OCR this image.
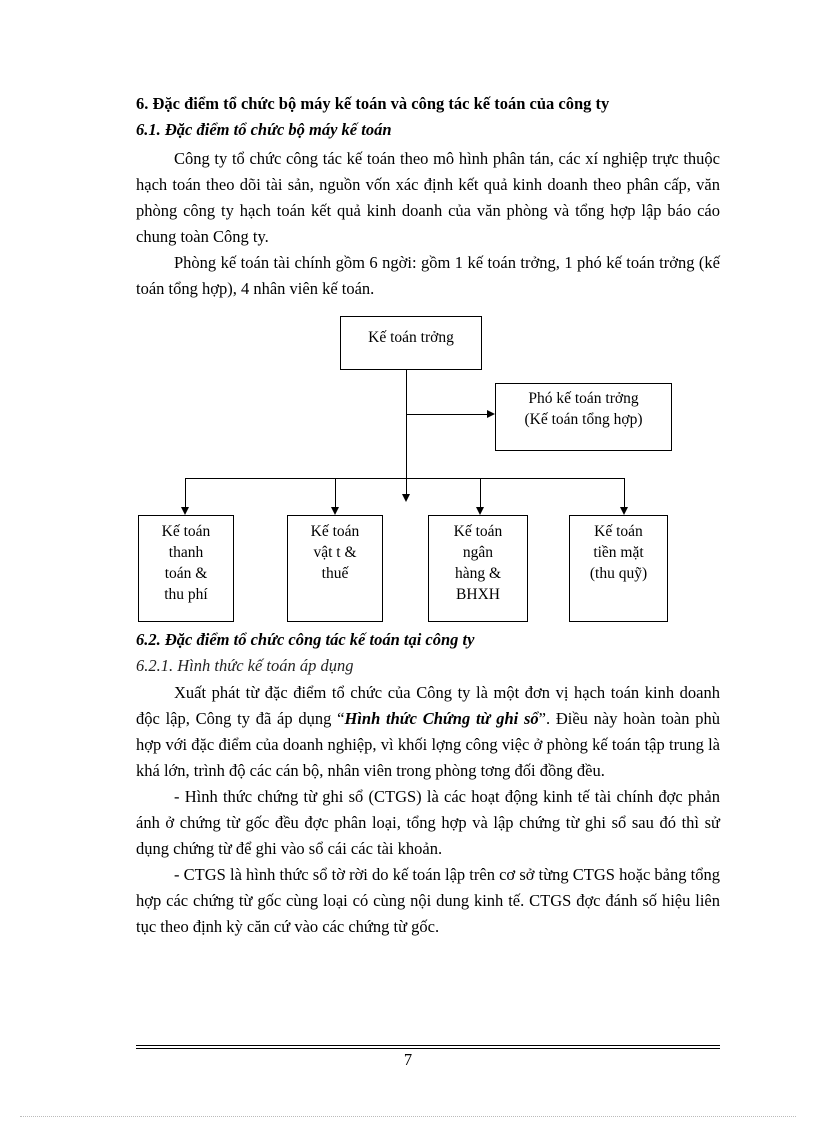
6. Đặc điểm tổ chức bộ máy kế toán và công tác kế toán của công ty
6.1. Đặc điểm tổ chức bộ máy kế toán

Công ty tổ chức công tác kế toán theo mô hình phân tán, các xí nghiệp trực thuộc hạch toán theo dõi tài sản, nguồn vốn xác định kết quả kinh doanh theo phân cấp, văn phòng công ty hạch toán kết quả kinh doanh của văn phòng và tổng hợp lập báo cáo chung toàn Công ty.

Phòng kế toán tài chính gồm 6 ngời: gồm 1 kế toán trởng, 1 phó kế toán trởng (kế toán tổng hợp), 4 nhân viên kế toán.

Kế toán trởng
Phó kế toán trởng
(Kế toán tổng hợp)
Kế toán
thanh
toán &
thu phí
Kế toán
vật t &
thuế
Kế toán
ngân
hàng &
BHXH
Kế toán
tiền mặt
(thu quỹ)
6.2. Đặc điểm tổ chức công tác kế toán tại công ty
6.2.1. Hình thức kế toán áp dụng

Xuất phát từ đặc điểm tổ chức của Công ty là một đơn vị hạch toán kinh doanh độc lập, Công ty đã áp dụng “Hình thức Chứng từ ghi sổ”. Điều này hoàn toàn phù hợp với đặc điểm của doanh nghiệp, vì khối lợng công việc ở phòng kế toán tập trung là khá lớn, trình độ các cán bộ, nhân viên trong phòng tơng đối đồng đều.

- Hình thức chứng từ ghi sổ (CTGS) là các hoạt động kinh tế tài chính đợc phản ánh ở chứng từ gốc đều đợc phân loại, tổng hợp và lập chứng từ ghi sổ sau đó thì sử dụng chứng từ để ghi vào sổ cái các tài khoản.

- CTGS là hình thức sổ tờ rời do kế toán lập trên cơ sở từng CTGS hoặc bảng tổng hợp các chứng từ gốc cùng loại có cùng nội dung kinh tế. CTGS đợc đánh số hiệu liên tục theo định kỳ căn cứ vào các chứng từ gốc.

7
